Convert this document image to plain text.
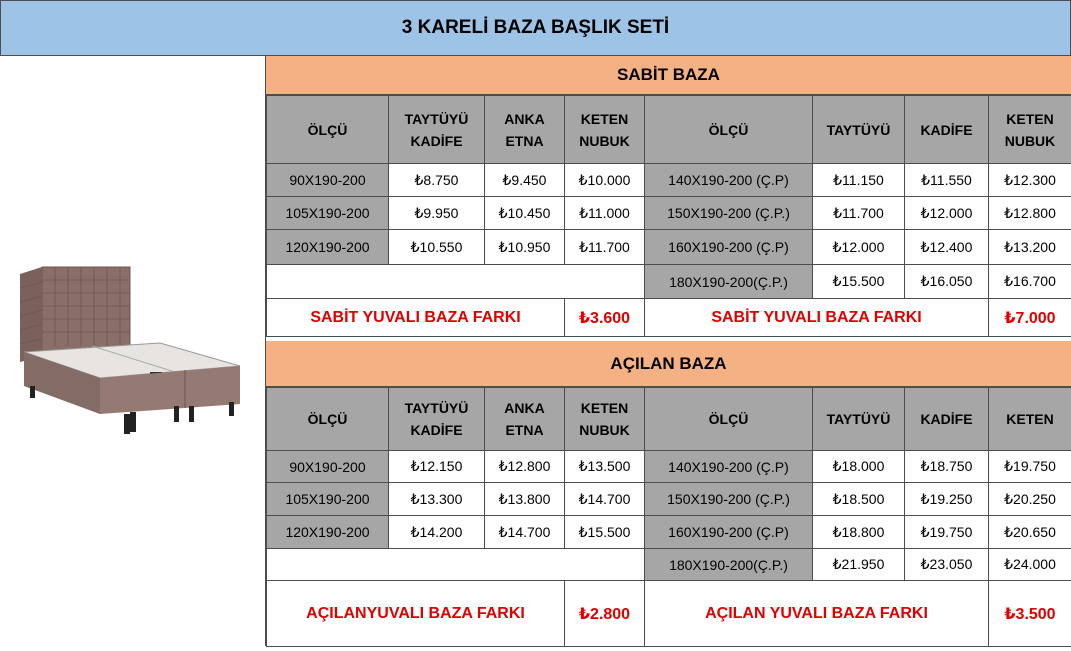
3 KARELİ BAZA BAŞLIK SETİ
SABİT BAZA
ÖLÇÜ	TAYTÜYÜ KADİFE	ANKA ETNA	KETEN NUBUK	ÖLÇÜ	TAYTÜYÜ	KADİFE	KETEN NUBUK
90X190-200	₺8.750	₺9.450	₺10.000	140X190-200 (Ç.P)	₺11.150	₺11.550	₺12.300
105X190-200	₺9.950	₺10.450	₺11.000	150X190-200 (Ç.P.)	₺11.700	₺12.000	₺12.800
120X190-200	₺10.550	₺10.950	₺11.700	160X190-200 (Ç.P)	₺12.000	₺12.400	₺13.200
				180X190-200(Ç.P.)	₺15.500	₺16.050	₺16.700
SABİT YUVALI BAZA FARKI			₺3.600	SABİT YUVALI BAZA FARKI			₺7.000
AÇILAN BAZA
ÖLÇÜ	TAYTÜYÜ KADİFE	ANKA ETNA	KETEN NUBUK	ÖLÇÜ	TAYTÜYÜ	KADİFE	KETEN
90X190-200	₺12.150	₺12.800	₺13.500	140X190-200 (Ç.P)	₺18.000	₺18.750	₺19.750
105X190-200	₺13.300	₺13.800	₺14.700	150X190-200 (Ç.P.)	₺18.500	₺19.250	₺20.250
120X190-200	₺14.200	₺14.700	₺15.500	160X190-200 (Ç.P)	₺18.800	₺19.750	₺20.650
				180X190-200(Ç.P.)	₺21.950	₺23.050	₺24.000
AÇILANYUVALI BAZA FARKI			₺2.800	AÇILAN YUVALI BAZA FARKI			₺3.500
